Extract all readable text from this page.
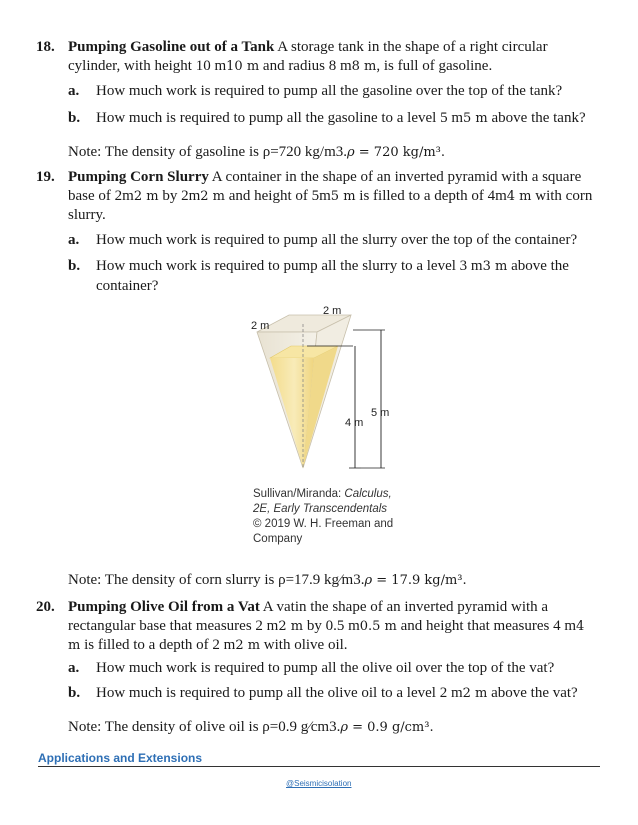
18. Pumping Gasoline out of a Tank A storage tank in the shape of a right circular cylinder, with height 10 m10 m and radius 8 m8 m, is full of gasoline.
a. How much work is required to pump all the gasoline over the top of the tank?
b. How much is required to pump all the gasoline to a level 5 m5 m above the tank?
Note: The density of gasoline is ρ=720 kg/m3.ρ = 720 kg/m³.
19. Pumping Corn Slurry A container in the shape of an inverted pyramid with a square base of 2m2 m by 2m2 m and height of 5m5 m is filled to a depth of 4m4 m with corn slurry.
a. How much work is required to pump all the slurry over the top of the container?
b. How much work is required to pump all the slurry to a level 3 m3 m above the container?
2 m
2 m
5 m
4 m
Sullivan/Miranda: Calculus,
2E, Early Transcendentals
© 2019 W. H. Freeman and
Company
Note: The density of corn slurry is ρ=17.9 kg⁄m3.ρ = 17.9 kg/m³.
20. Pumping Olive Oil from a Vat A vatin the shape of an inverted pyramid with a rectangular base that measures 2 m2 m by 0.5 m0.5 m and height that measures 4 m4 m is filled to a depth of 2 m2 m with olive oil.
a. How much work is required to pump all the olive oil over the top of the vat?
b. How much is required to pump all the olive oil to a level 2 m2 m above the vat?
Note: The density of olive oil is ρ=0.9 g⁄cm3.ρ = 0.9 g/cm³.
Applications and Extensions
@Seismicisolation
